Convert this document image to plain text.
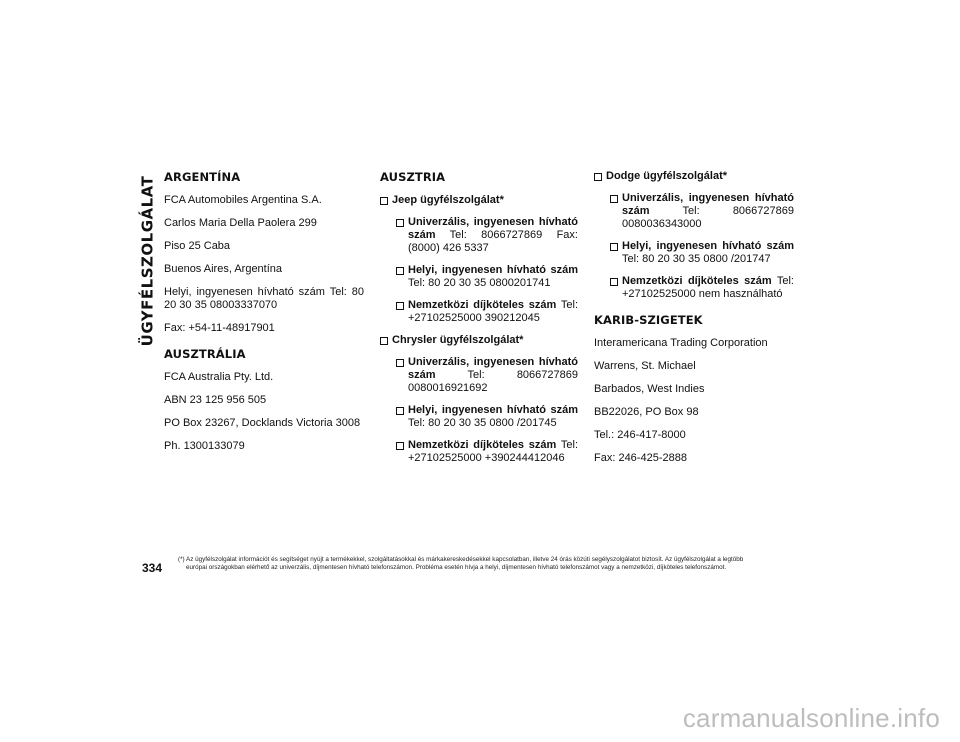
ÜGYFÉLSZOLGÁLAT ARGENTÍNA

FCA Automobiles Argentina S.A.

Carlos Maria Della Paolera 299

Piso 25 Caba

Buenos Aires, Argentína

Helyi, ingyenesen hívható szám Tel: 80 20 30 35 08003337070

Fax: +54-11-48917901

AUSZTRÁLIA

FCA Australia Pty. Ltd.

ABN 23 125 956 505

PO Box 23267, Docklands Victoria 3008

Ph. 1300133079

AUSZTRIA
Jeep ügyfélszolgálat*
Univerzális, ingyenesen hívható szám Tel: 8066727869 Fax: (8000) 426 5337
Helyi, ingyenesen hívható szám Tel: 80 20 30 35 0800201741
Nemzetközi díjköteles szám Tel: +27102525000 390212045
Chrysler ügyfélszolgálat*
Univerzális, ingyenesen hívható szám Tel: 8066727869 0080016921692
Helyi, ingyenesen hívható szám Tel: 80 20 30 35 0800 /201745
Nemzetközi díjköteles szám Tel: +27102525000 +390244412046
Dodge ügyfélszolgálat*
Univerzális, ingyenesen hívható szám Tel: 8066727869 0080036343000
Helyi, ingyenesen hívható szám Tel: 80 20 30 35 0800 /201747
Nemzetközi díjköteles szám Tel: +27102525000 nem használható
KARIB-SZIGETEK

Interamericana Trading Corporation

Warrens, St. Michael

Barbados, West Indies

BB22026, PO Box 98

Tel.: 246-417-8000

Fax: 246-425-2888

334
(*) Az ügyfélszolgálat információt és segítséget nyújt a termékekkel, szolgáltatásokkal és márkakereskedésekkel kapcsolatban, illetve 24 órás közúti segélyszolgálatot biztosít. Az ügyfélszolgálat a legtöbb
európai országokban elérhető az univerzális, díjmentesen hívható telefonszámon. Probléma esetén hívja a helyi, díjmentesen hívható telefonszámot vagy a nemzetközi, díjköteles telefonszámot.
carmanualsonline.info
